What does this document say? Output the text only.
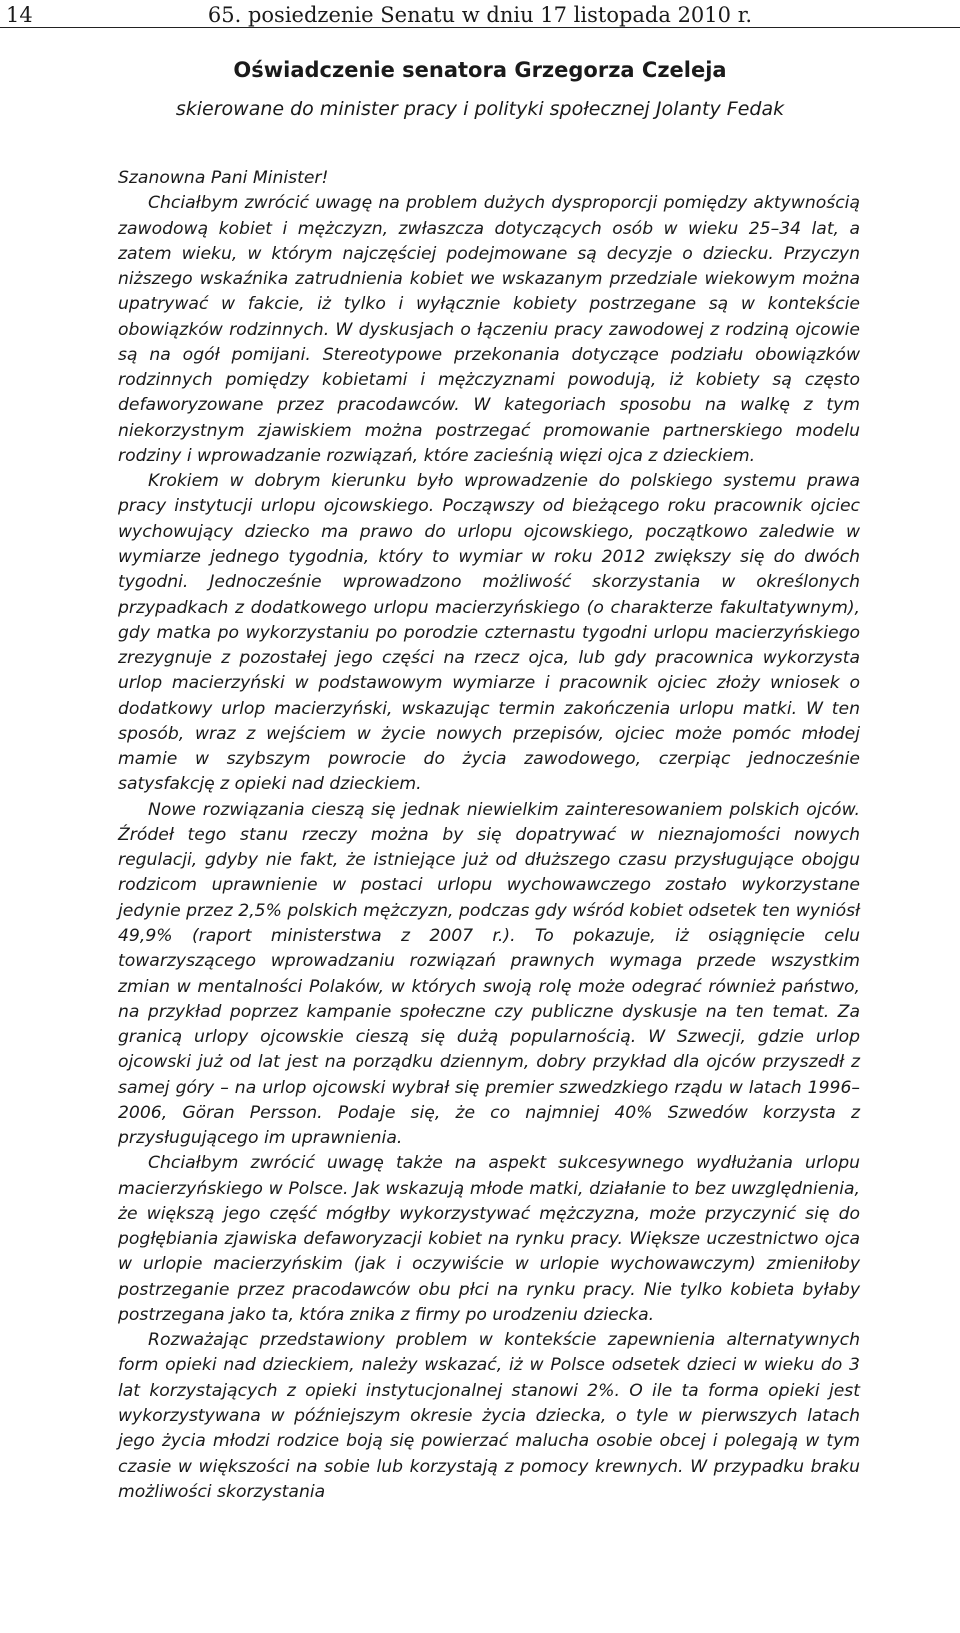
14	65. posiedzenie Senatu w dniu 17 listopada 2010 r.
Oświadczenie senatora Grzegorza Czeleja
skierowane do minister pracy i polityki społecznej Jolanty Fedak

Szanowna Pani Minister!

Chciałbym zwrócić uwagę na problem dużych dysproporcji pomiędzy aktywnością zawodową kobiet i mężczyzn, zwłaszcza dotyczących osób w wieku 25–34 lat, a zatem wieku, w którym najczęściej podejmowane są decyzje o dziecku. Przyczyn niższego wskaźnika zatrudnienia kobiet we wskazanym przedziale wiekowym można upatrywać w fakcie, iż tylko i wyłącznie kobiety postrzegane są w kontekście obowiązków rodzinnych. W dyskusjach o łączeniu pracy zawodowej z rodziną ojcowie są na ogół pomijani. Stereotypowe przekonania dotyczące podziału obowiązków rodzinnych pomiędzy kobietami i mężczyznami powodują, iż kobiety są często defaworyzowane przez pracodawców. W kategoriach sposobu na walkę z tym niekorzystnym zjawiskiem można postrzegać promowanie partnerskiego modelu rodziny i wprowadzanie rozwiązań, które zacieśnią więzi ojca z dzieckiem.

Krokiem w dobrym kierunku było wprowadzenie do polskiego systemu prawa pracy instytucji urlopu ojcowskiego. Począwszy od bieżącego roku pracownik ojciec wychowujący dziecko ma prawo do urlopu ojcowskiego, początkowo zaledwie w wymiarze jednego tygodnia, który to wymiar w roku 2012 zwiększy się do dwóch tygodni. Jednocześnie wprowadzono możliwość skorzystania w określonych przypadkach z dodatkowego urlopu macierzyńskiego (o charakterze fakultatywnym), gdy matka po wykorzystaniu po porodzie czternastu tygodni urlopu macierzyńskiego zrezygnuje z pozostałej jego części na rzecz ojca, lub gdy pracownica wykorzysta urlop macierzyński w podstawowym wymiarze i pracownik ojciec złoży wniosek o dodatkowy urlop macierzyński, wskazując termin zakończenia urlopu matki. W ten sposób, wraz z wejściem w życie nowych przepisów, ojciec może pomóc młodej mamie w szybszym powrocie do życia zawodowego, czerpiąc jednocześnie satysfakcję z opieki nad dzieckiem.

Nowe rozwiązania cieszą się jednak niewielkim zainteresowaniem polskich ojców. Źródeł tego stanu rzeczy można by się dopatrywać w nieznajomości nowych regulacji, gdyby nie fakt, że istniejące już od dłuższego czasu przysługujące obojgu rodzicom uprawnienie w postaci urlopu wychowawczego zostało wykorzystane jedynie przez 2,5% polskich mężczyzn, podczas gdy wśród kobiet odsetek ten wyniósł 49,9% (raport ministerstwa z 2007 r.). To pokazuje, iż osiągnięcie celu towarzyszącego wprowadzaniu rozwiązań prawnych wymaga przede wszystkim zmian w mentalności Polaków, w których swoją rolę może odegrać również państwo, na przykład poprzez kampanie społeczne czy publiczne dyskusje na ten temat. Za granicą urlopy ojcowskie cieszą się dużą popularnością. W Szwecji, gdzie urlop ojcowski już od lat jest na porządku dziennym, dobry przykład dla ojców przyszedł z samej góry – na urlop ojcowski wybrał się premier szwedzkiego rządu w latach 1996–2006, Göran Persson. Podaje się, że co najmniej 40% Szwedów korzysta z przysługującego im uprawnienia.

Chciałbym zwrócić uwagę także na aspekt sukcesywnego wydłużania urlopu macierzyńskiego w Polsce. Jak wskazują młode matki, działanie to bez uwzględnienia, że większą jego część mógłby wykorzystywać mężczyzna, może przyczynić się do pogłębiania zjawiska defaworyzacji kobiet na rynku pracy. Większe uczestnictwo ojca w urlopie macierzyńskim (jak i oczywiście w urlopie wychowawczym) zmieniłoby postrzeganie przez pracodawców obu płci na rynku pracy. Nie tylko kobieta byłaby postrzegana jako ta, która znika z firmy po urodzeniu dziecka.

Rozważając przedstawiony problem w kontekście zapewnienia alternatywnych form opieki nad dzieckiem, należy wskazać, iż w Polsce odsetek dzieci w wieku do 3 lat korzystających z opieki instytucjonalnej stanowi 2%. O ile ta forma opieki jest wykorzystywana w późniejszym okresie życia dziecka, o tyle w pierwszych latach jego życia młodzi rodzice boją się powierzać malucha osobie obcej i polegają w tym czasie w większości na sobie lub korzystają z pomocy krewnych. W przypadku braku możliwości skorzystania
